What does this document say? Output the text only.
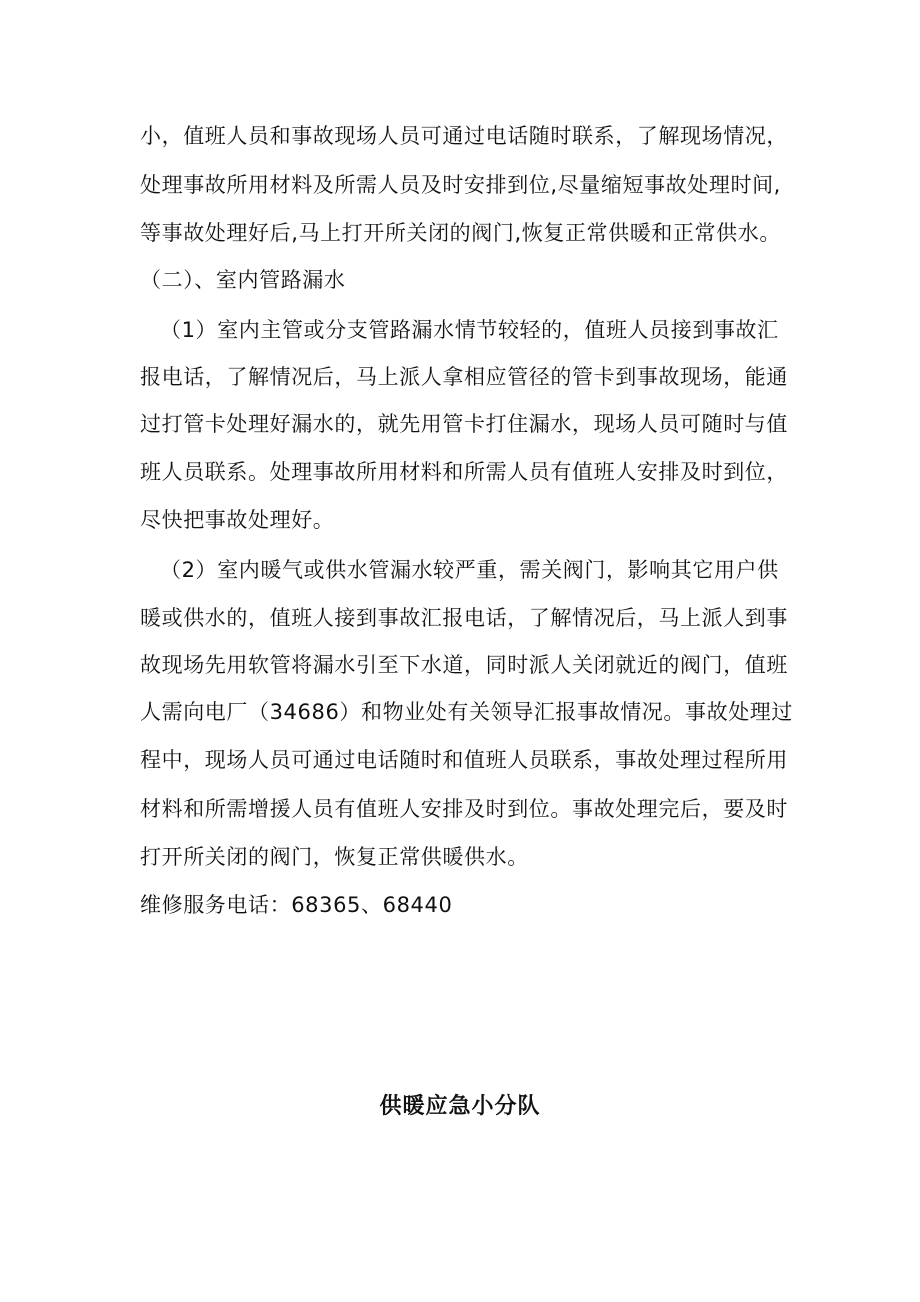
小，值班人员和事故现场人员可通过电话随时联系，了解现场情况，
处理事故所用材料及所需人员及时安排到位,尽量缩短事故处理时间,
等事故处理好后,马上打开所关闭的阀门,恢复正常供暖和正常供水。
（二）、室内管路漏水
（1）室内主管或分支管路漏水情节较轻的，值班人员接到事故汇
报电话，了解情况后，马上派人拿相应管径的管卡到事故现场，能通
过打管卡处理好漏水的，就先用管卡打住漏水，现场人员可随时与值
班人员联系。处理事故所用材料和所需人员有值班人安排及时到位，
尽快把事故处理好。
（2）室内暖气或供水管漏水较严重，需关阀门，影响其它用户供
暖或供水的，值班人接到事故汇报电话，了解情况后，马上派人到事
故现场先用软管将漏水引至下水道，同时派人关闭就近的阀门，值班
人需向电厂（34686）和物业处有关领导汇报事故情况。事故处理过
程中，现场人员可通过电话随时和值班人员联系，事故处理过程所用
材料和所需增援人员有值班人安排及时到位。事故处理完后，要及时
打开所关闭的阀门，恢复正常供暖供水。
维修服务电话：68365、68440
供暖应急小分队
